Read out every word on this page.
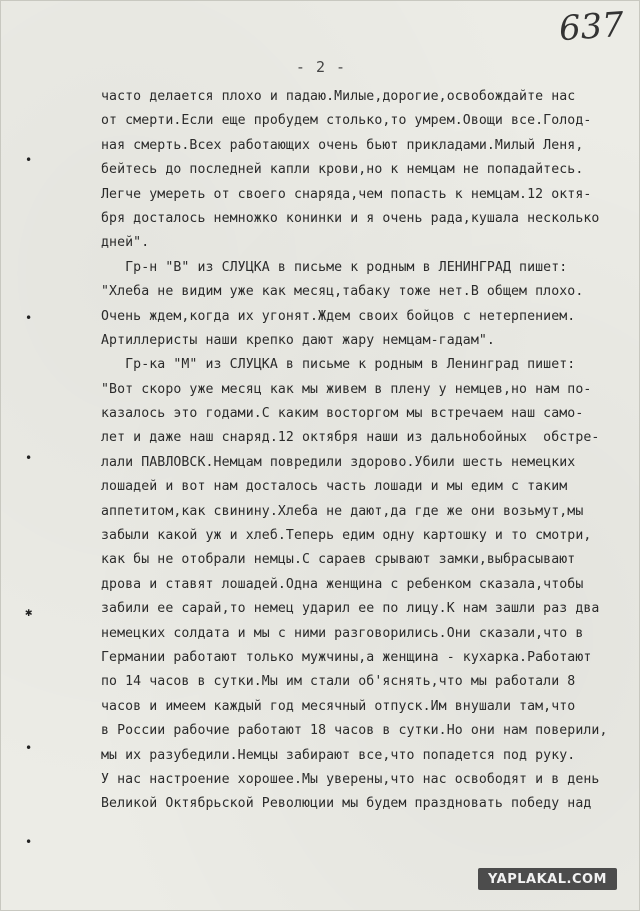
637
- 2 -
•
•
•
✱
•
•
часто делается плохо и падаю.Милые,дорогие,освобождайте нас
от смерти.Если еще пробудем столько,то умрем.Овощи все.Голод-
ная смерть.Всех работающих очень бьют прикладами.Милый Леня,
бейтесь до последней капли крови,но к немцам не попадайтесь.
Легче умереть от своего снаряда,чем попасть к немцам.12 октя-
бря досталось немножко конинки и я очень рада,кушала несколько
дней".
Гр-н "В" из СЛУЦКА в письме к родным в ЛЕНИНГРАД пишет:
"Хлеба не видим уже как месяц,табаку тоже нет.В общем плохо.
Очень ждем,когда их угонят.Ждем своих бойцов с нетерпением.
Артиллеристы наши крепко дают жару немцам-гадам".
Гр-ка "М" из СЛУЦКА в письме к родным в Ленинград пишет:
"Вот скоро уже месяц как мы живем в плену у немцев,но нам по-
казалось это годами.С каким восторгом мы встречаем наш само-
лет и даже наш снаряд.12 октября наши из дальнобойных  обстре-
лали ПАВЛОВСК.Немцам повредили здорово.Убили шесть немецких
лошадей и вот нам досталось часть лошади и мы едим с таким
аппетитом,как свинину.Хлеба не дают,да где же они возьмут,мы
забыли какой уж и хлеб.Теперь едим одну картошку и то смотри,
как бы не отобрали немцы.С сараев срывают замки,выбрасывают
дрова и ставят лошадей.Одна женщина с ребенком сказала,чтобы
забили ее сарай,то немец ударил ее по лицу.К нам зашли раз два
немецких солдата и мы с ними разговорились.Они сказали,что в
Германии работают только мужчины,а женщина - кухарка.Работают
по 14 часов в сутки.Мы им стали об'яснять,что мы работали 8
часов и имеем каждый год месячный отпуск.Им внушали там,что
в России рабочие работают 18 часов в сутки.Но они нам поверили,
мы их разубедили.Немцы забирают все,что попадется под руку.
У нас настроение хорошее.Мы уверены,что нас освободят и в день
Великой Октябрьской Революции мы будем праздновать победу над
YAPLAKAL.COM
